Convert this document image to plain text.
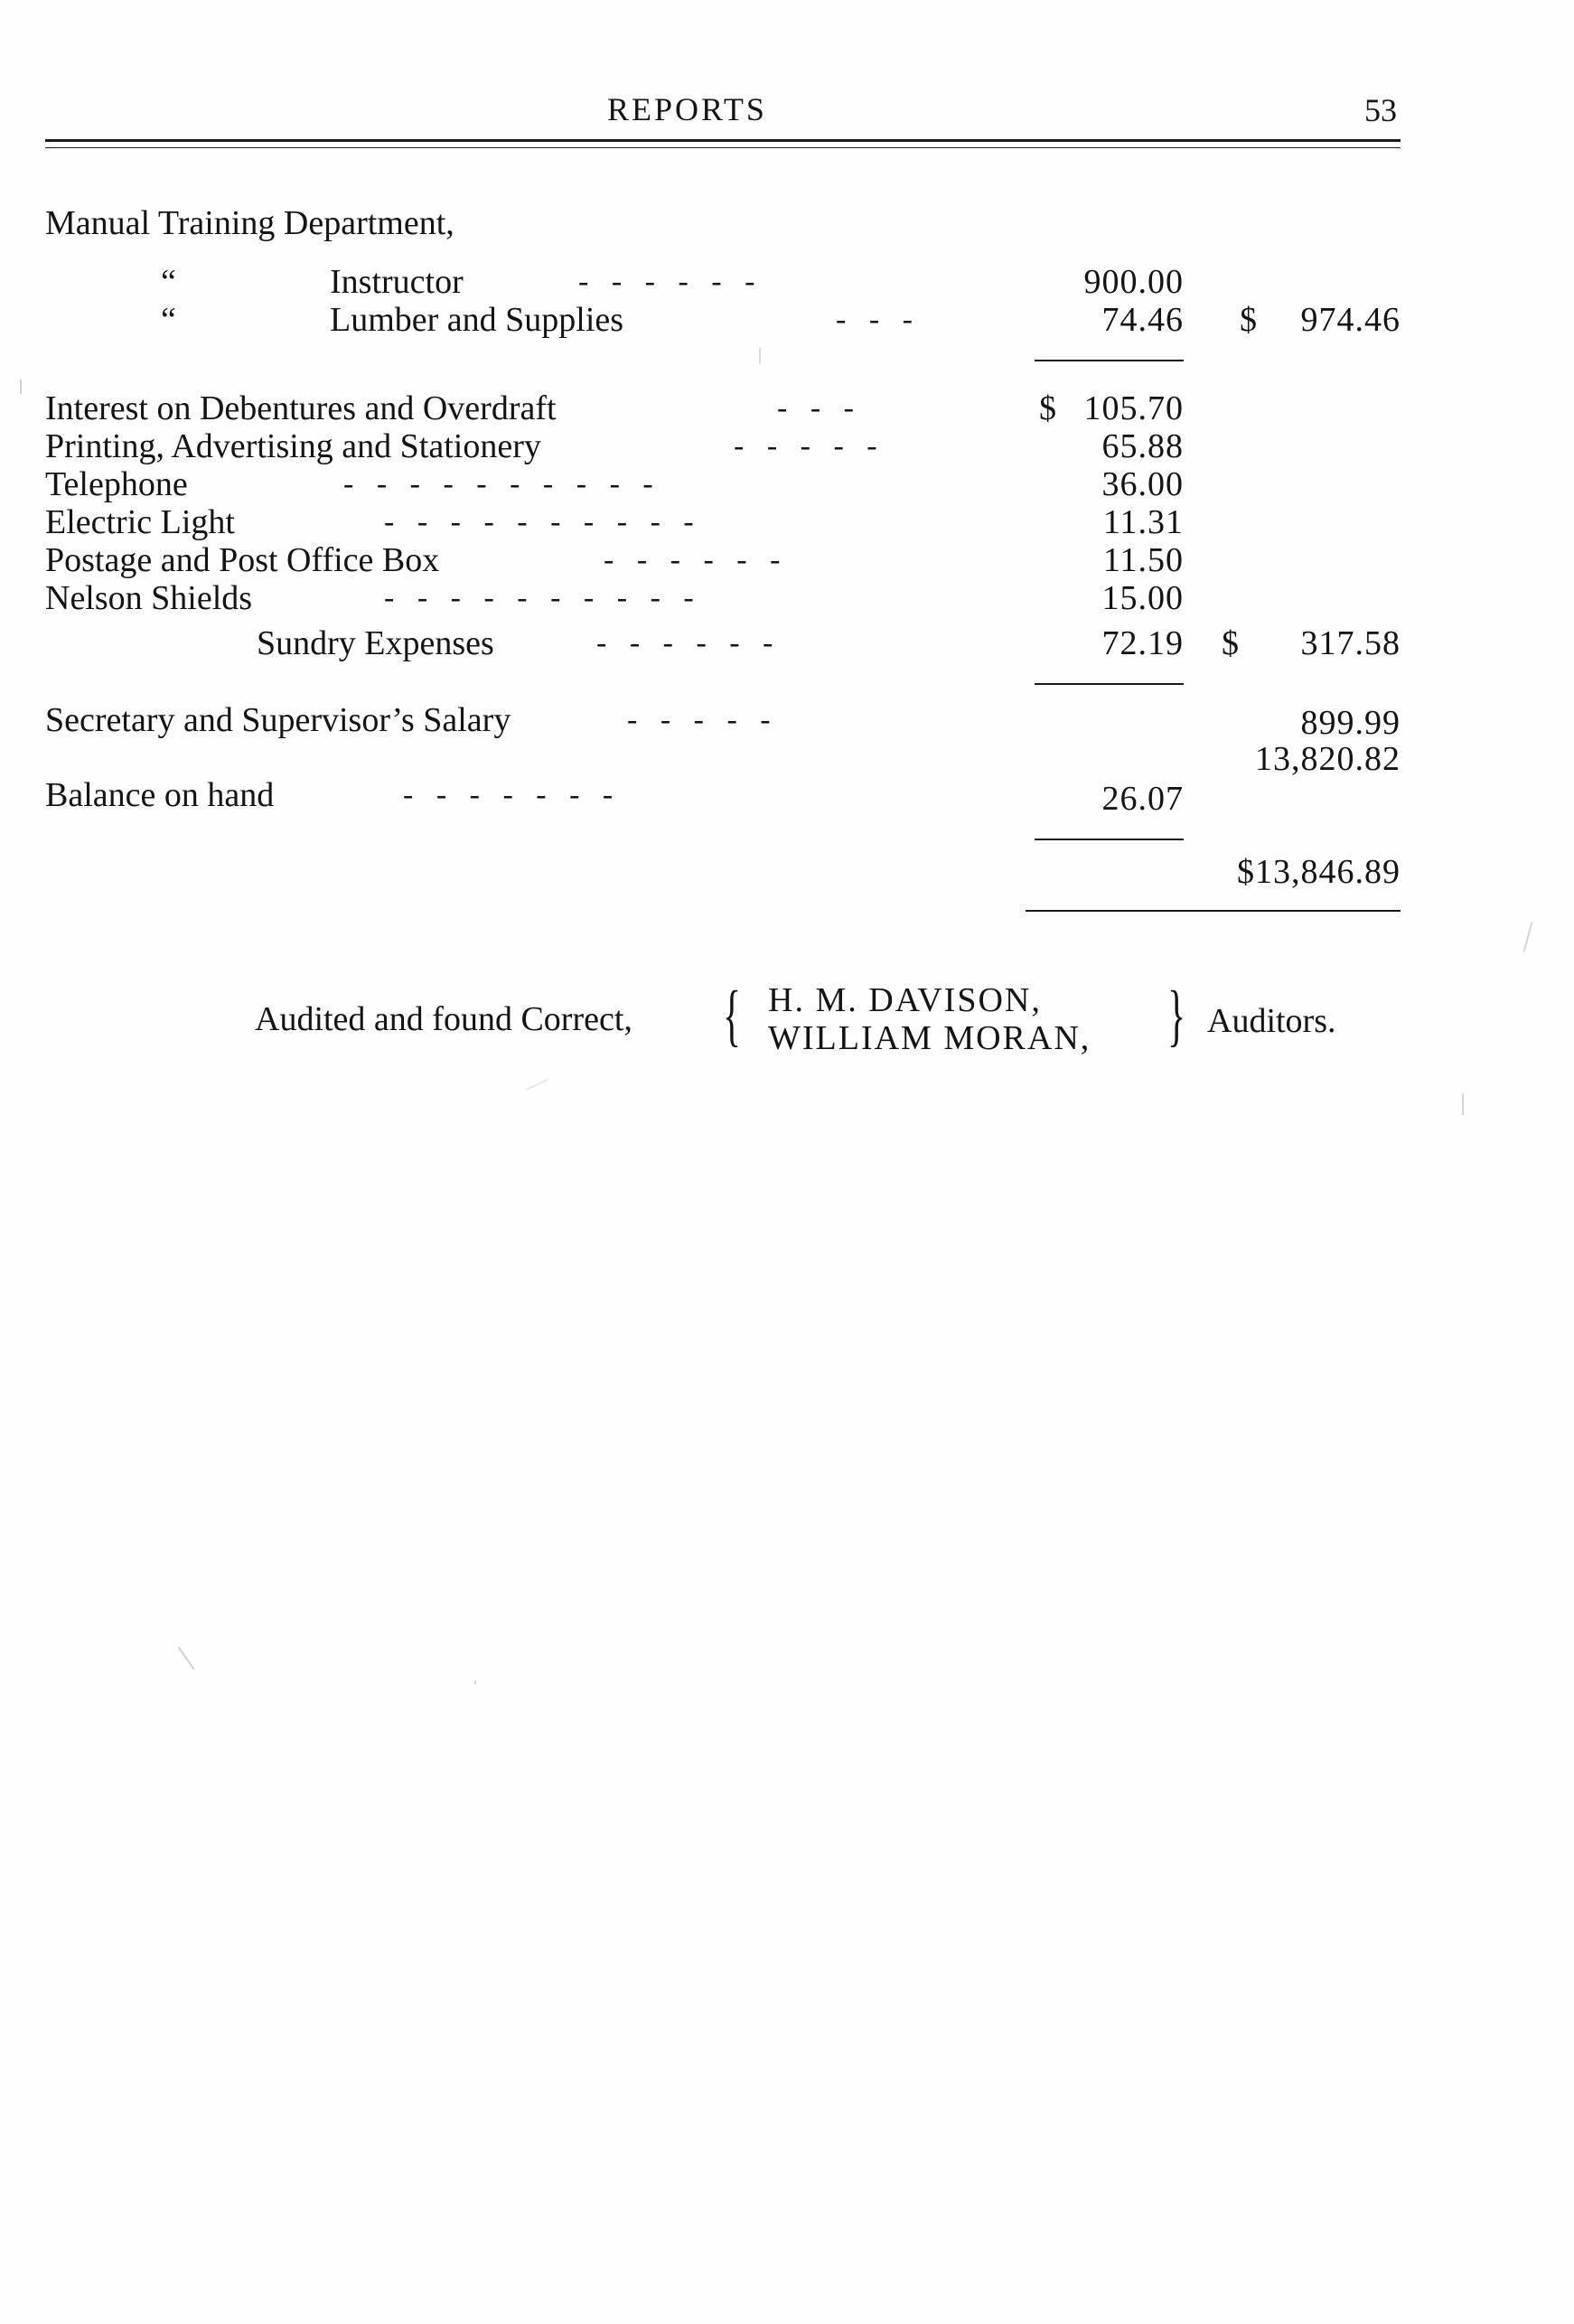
REPORTS	53
Manual Training Department,
“	Instructor	-   -   -   -   -   -	900.00
“	Lumber and Supplies	-   -   -	74.46 $	974.46
Interest on Debentures and Overdraft	-   -   -	$ 105.70
Printing, Advertising and Stationery	-   -   -   -   -	65.88
Telephone	-   -   -   -   -   -   -   -   -   -	36.00
Electric Light	-   -   -   -   -   -   -   -   -   -	11.31
Postage and Post Office Box	-   -   -   -   -   -	11.50
Nelson Shields	-   -   -   -   -   -   -   -   -   -	15.00
Sundry Expenses	-   -   -   -   -   -	72.19 $	317.58
Secretary and Supervisor’s Salary	-   -   -   -   -	899.99
13,820.82
Balance on hand	-   -   -   -   -   -   -	26.07
$13,846.89
Audited and found Correct, { H. M. DAVISON,
WILLIAM MORAN, } Auditors.
